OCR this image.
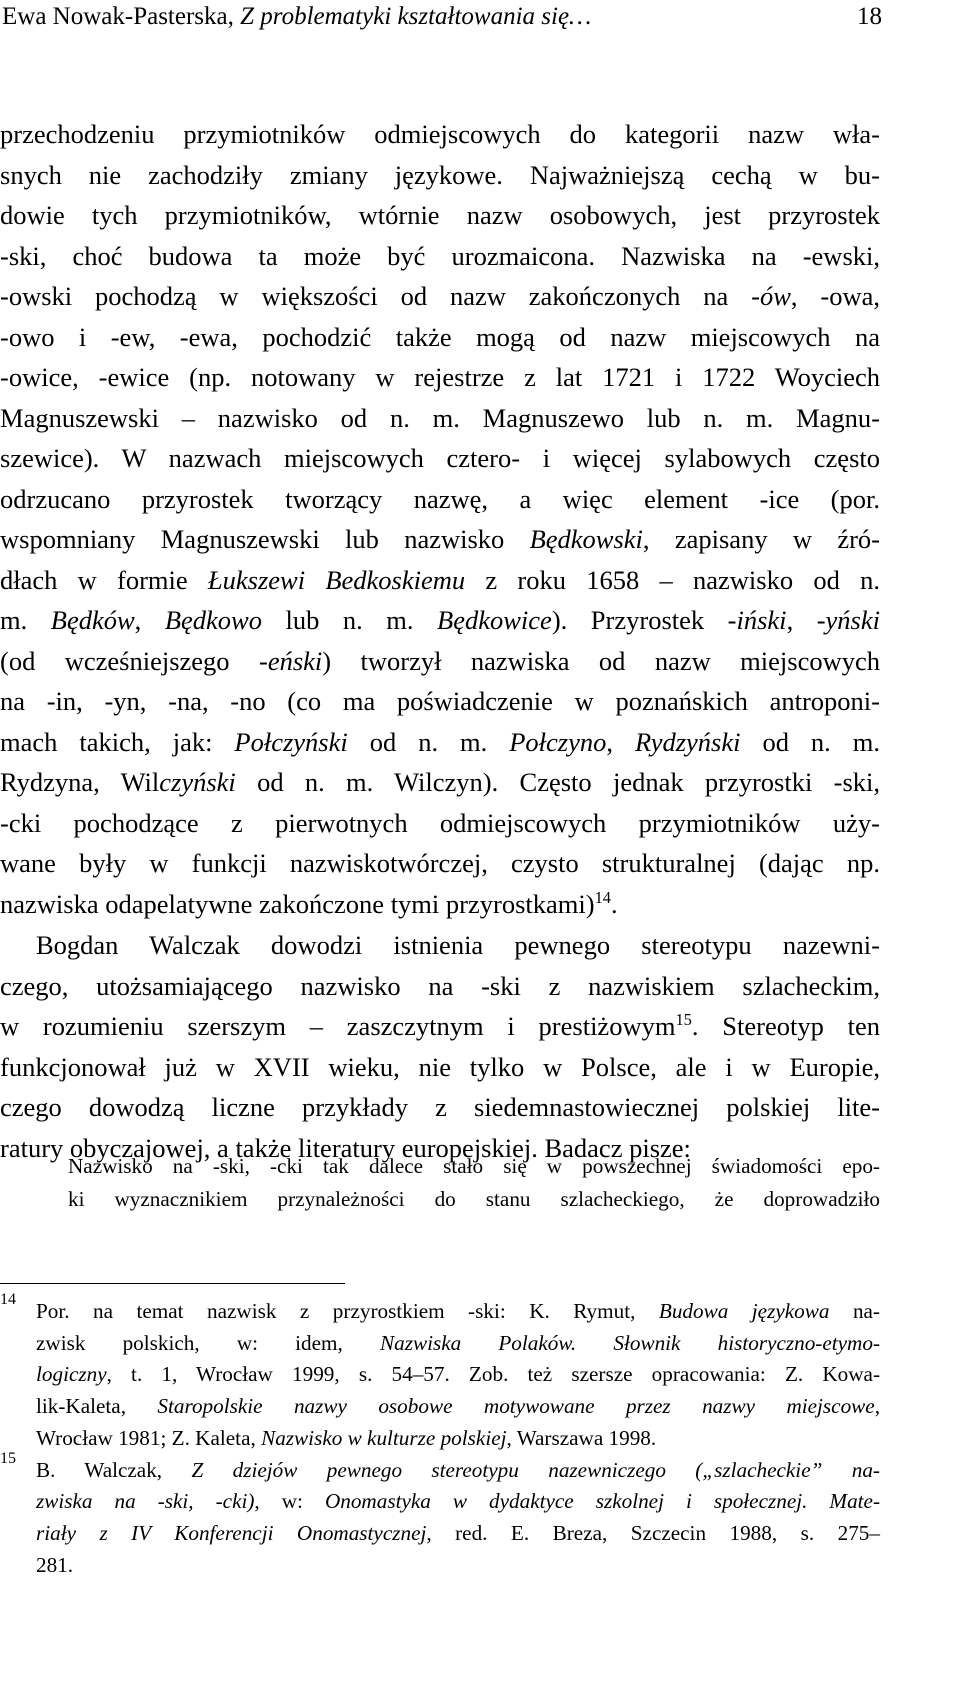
Ewa Nowak-Pasterska, Z problematyki kształtowania się…	18
przechodzeniu przymiotników odmiejscowych do kategorii nazw wła-
snych nie zachodziły zmiany językowe. Najważniejszą cechą w bu-
dowie tych przymiotników, wtórnie nazw osobowych, jest przyrostek
-ski, choć budowa ta może być urozmaicona. Nazwiska na -ewski,
-owski pochodzą w większości od nazw zakończonych na -ów, -owa,
-owo i -ew, -ewa, pochodzić także mogą od nazw miejscowych na
-owice, -ewice (np. notowany w rejestrze z lat 1721 i 1722 Woyciech
Magnuszewski – nazwisko od n. m. Magnuszewo lub n. m. Magnu-
szewice). W nazwach miejscowych cztero- i więcej sylabowych często
odrzucano przyrostek tworzący nazwę, a więc element -ice (por.
wspomniany Magnuszewski lub nazwisko Będkowski, zapisany w źró-
dłach w formie Łukszewi Bedkoskiemu z roku 1658 – nazwisko od n.
m. Będków, Będkowo lub n. m. Będkowice). Przyrostek -iński, -yński
(od wcześniejszego -eński) tworzył nazwiska od nazw miejscowych
na -in, -yn, -na, -no (co ma poświadczenie w poznańskich antroponi-
mach takich, jak: Połczyński od n. m. Połczyno, Rydzyński od n. m.
Rydzyna, Wilczyński od n. m. Wilczyn). Często jednak przyrostki -ski,
-cki pochodzące z pierwotnych odmiejscowych przymiotników uży-
wane były w funkcji nazwiskotwórczej, czysto strukturalnej (dając np.
nazwiska odapelatywne zakończone tymi przyrostkami)$^{14}$.
Bogdan Walczak dowodzi istnienia pewnego stereotypu nazewni-
czego, utożsamiającego nazwisko na -ski z nazwiskiem szlacheckim,
w rozumieniu szerszym – zaszczytnym i prestiżowym$^{15}$. Stereotyp ten
funkcjonował już w XVII wieku, nie tylko w Polsce, ale i w Europie,
czego dowodzą liczne przykłady z siedemnastowiecznej polskiej lite-
ratury obyczajowej, a także literatury europejskiej. Badacz pisze:
Nazwisko na -ski, -cki tak dalece stało się w powszechnej świadomości epo-
ki wyznacznikiem przynależności do stanu szlacheckiego, że doprowadziło
14 Por. na temat nazwisk z przyrostkiem -ski: K. Rymut, Budowa językowa na-
zwisk polskich, w: idem, Nazwiska Polaków. Słownik historyczno-etymo-
logiczny, t. 1, Wrocław 1999, s. 54–57. Zob. też szersze opracowania: Z. Kowa-
lik-Kaleta, Staropolskie nazwy osobowe motywowane przez nazwy miejscowe,
Wrocław 1981; Z. Kaleta, Nazwisko w kulturze polskiej, Warszawa 1998.
15 B. Walczak, Z dziejów pewnego stereotypu nazewniczego („szlacheckie” na-
zwiska na -ski, -cki), w: Onomastyka w dydaktyce szkolnej i społecznej. Mate-
riały z IV Konferencji Onomastycznej, red. E. Breza, Szczecin 1988, s. 275–
281.
